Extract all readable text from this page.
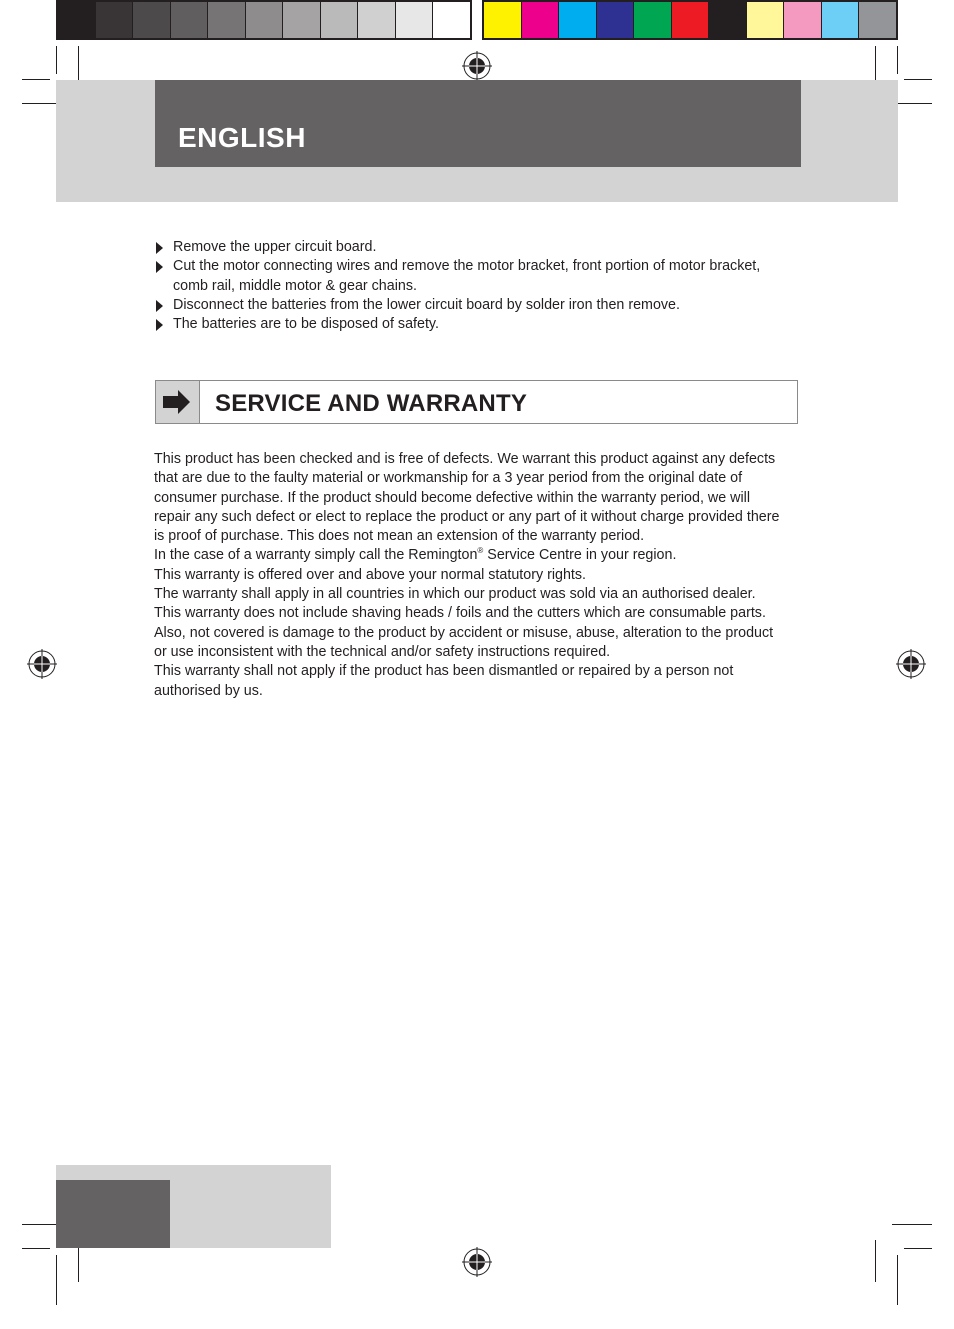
ENGLISH
Remove the upper circuit board.
Cut the motor connecting wires and remove the motor bracket, front portion of motor bracket, comb rail, middle motor & gear chains.
Disconnect the batteries from the lower circuit board by solder iron then remove.
The batteries are to be disposed of safety.
SERVICE AND WARRANTY

This product has been checked and is free of defects. We warrant this product against any defects that are due to the faulty material or workmanship for a 3 year period from the original date of consumer purchase. If the product should become defective within the warranty period, we will repair any such defect or elect to replace the product or any part of it without charge provided there is proof of purchase. This does not mean an extension of the warranty period.

In the case of a warranty simply call the Remington® Service Centre in your region.

This warranty is offered over and above your normal statutory rights.

The warranty shall apply in all countries in which our product was sold via an authorised dealer.

This warranty does not include shaving heads / foils and the cutters which are consumable parts. Also, not covered is damage to the product by accident or misuse, abuse, alteration to the product or use inconsistent with the technical and/or safety instructions required.

This warranty shall not apply if the product has been dismantled or repaired by a person not authorised by us.
